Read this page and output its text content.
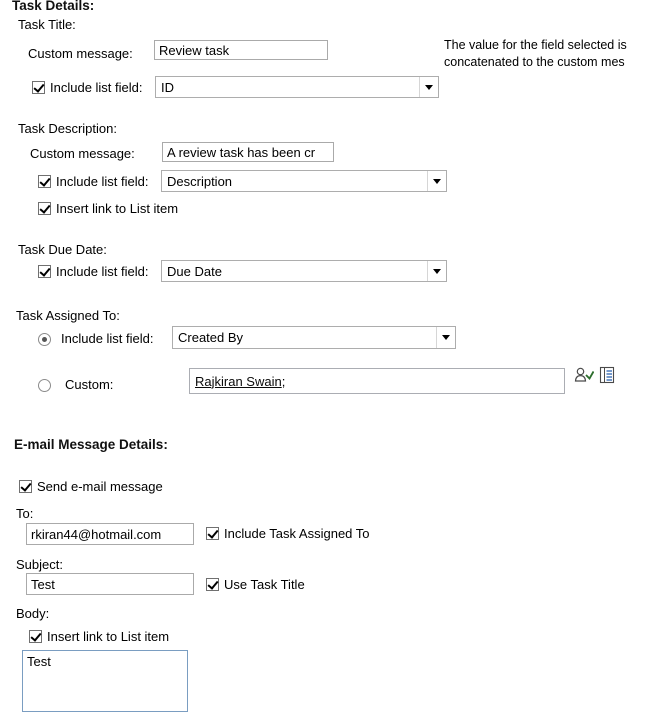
Task Details:
Task Title:
Custom message:
Review task
Include list field: ID
The value for the field selected is
concatenated to the custom mes
Task Description:
Custom message:
A review task has been cr
Include list field: Description
Insert link to List item
Task Due Date:
Include list field: Due Date
Task Assigned To:
Include list field: Created By
Custom:	Rajkiran Swain ;
E-mail Message Details:
Send e-mail message
To:
rkiran44@hotmail.com
Include Task Assigned To
Subject:
Test
Use Task Title
Body:
Insert link to List item
Test
